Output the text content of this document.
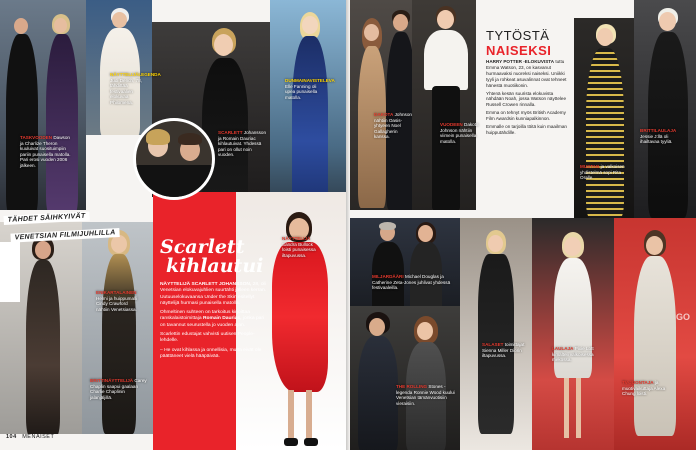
TASKVOODEN Dawson ja Charlize Theron kuuluivat suosituimpiin pariin punaisella matolla. Pari erosi vuoden 2006 jälkeen.
NÄYTTELIJÄLEGENDA Judi Dench, 78, tähdittää festivaalien elokuvaa Philomena.
SCARLETT Johansson ja Romain Dauriac kihlautuivat. Yhdessä pari on ollut noin vuoden.
DUNMAINAVISTELEVA Elle Fanning oli upea punaisella matolla.
TÄHDET SÄIHKYIVÄT
VENETSIAN FILMIJUHLILLA
ENIKARTALAINEN Helmi ja huippumalli Cindy Crawford nähtiin Venetsiassa.
BRITTINÄYTTELIJÄ Carey Chaplin saapui gaalaan Charlie Chaplinin jalanjäljillä.
Scarlett
kihlautui

NÄYTTELIJÄ SCARLETT JOHANSSON, 28, oli Venetsian elokuvajuhlien suurtähti jälleen kerran. Uutuuselokuvaansa Under the Skin esitellyt näyttelijä hurmasi punaisella matolla.

Ohmeltinen suhteen on tarkoitus kirjoittaa ranskalaistoimittaja Romain Dauriac, jonka pari on tavannut seurustella jo vuoden ajan.

Scarlettin edustajat vahvisti uutisen People-lehdelle.

– He ovat kihlassa ja onnellisia, mutta eivät ole päättäneet vielä hääpäivää.

NÄYTTELIJÄ Sandra Bullock loisti punaisessa iltapuvussa.
104 MENAISET
DAKOTA Johnson nähtiin Oasis-yhtyeen Noel Gallagherin kanssa.
VUODEEN Dakota Johnson nähtiin viimein punaisella matolla.
TYTÖSTÄ
NAISEKSI

HARRY POTTER -ELOKUVISTA tuttu Emma Watson, 23, on kasvanut hurmaavaksi nuoreksi naiseksi. Uniikki tyyli ja rohkeat asuvalinnat ovat tehneet hänestä muotiikonin.

Yhtenä kesän suurista elokuvista nähdään Noah, jossa Watson näyttelee Russell Crowen rinnalla.

Emma on tehnyt myös British Academy Film Awardsin kunniapalkinnon.

Emmalle on tarjoilla töitä kuin maailman huipputähdille.

MUSTAN ja valkoisen yhdistelmä sopi Rita Oralle.
BRITTILAULAJA Jessie J:llä oli ihailtavaa tyyliä.
MILJARDÄÄRI Michael Douglas ja Catherine Zeta-Jones juhlivat yhdessä festivaaleilla.
SALASET toimittajat Sienna Miller Diorin iltapuvussa.
LAULAJA Pixie Lott kimalteli valkoisessa mekossa.
GO
TV-JUONTAJA ja muotivaikuttaja Alexa Chung loisti.
THE ROLLING Stones -legenda Ronnie Wood kuului Venetsian tämänvuotisiin vieraisiin.
